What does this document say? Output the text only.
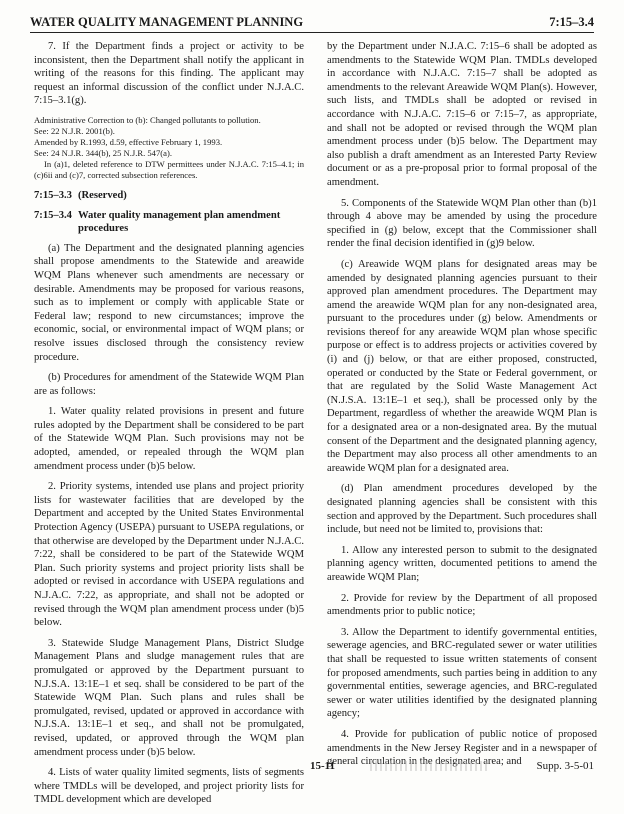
WATER QUALITY MANAGEMENT PLANNING	7:15–3.4

7. If the Department finds a project or activity to be inconsistent, then the Department shall notify the applicant in writing of the reasons for this finding. The applicant may request an informal discussion of the conflict under N.J.A.C. 7:15–3.1(g).

Administrative Correction to (b): Changed pollutants to pollution.
See: 22 N.J.R. 2001(b).
Amended by R.1993, d.59, effective February 1, 1993.
See: 24 N.J.R. 344(b), 25 N.J.R. 547(a).
In (a)1, deleted reference to DTW permittees under N.J.A.C. 7:15–4.1; in (c)6ii and (c)7, corrected subsection references.
7:15–3.3 (Reserved)
7:15–3.4 Water quality management plan amendment procedures

(a) The Department and the designated planning agencies shall propose amendments to the Statewide and areawide WQM Plans whenever such amendments are necessary or desirable. Amendments may be proposed for various reasons, such as to implement or comply with applicable State or Federal law; respond to new circumstances; improve the economic, social, or environmental impact of WQM plans; or resolve issues disclosed through the consistency review procedure.

(b) Procedures for amendment of the Statewide WQM Plan are as follows:

1. Water quality related provisions in present and future rules adopted by the Department shall be considered to be part of the Statewide WQM Plan. Such provisions may not be adopted, amended, or repealed through the WQM plan amendment process under (b)5 below.

2. Priority systems, intended use plans and project priority lists for wastewater facilities that are developed by the Department and accepted by the United States Environmental Protection Agency (USEPA) pursuant to USEPA regulations, or that otherwise are developed by the Department under N.J.A.C. 7:22, shall be considered to be part of the Statewide WQM Plan. Such priority systems and project priority lists shall be adopted or revised in accordance with USEPA regulations and N.J.A.C. 7:22, as appropriate, and shall not be adopted or revised through the WQM plan amendment process under (b)5 below.

3. Statewide Sludge Management Plans, District Sludge Management Plans and sludge management rules that are promulgated or approved by the Department pursuant to N.J.S.A. 13:1E–1 et seq. shall be considered to be part of the Statewide WQM Plan. Such plans and rules shall be promulgated, revised, updated or approved in accordance with N.J.S.A. 13:1E–1 et seq., and shall not be promulgated, revised, updated, or approved through the WQM plan amendment process under (b)5 below.

4. Lists of water quality limited segments, lists of segments where TMDLs will be developed, and project priority lists for TMDL development which are developed

by the Department under N.J.A.C. 7:15–6 shall be adopted as amendments to the Statewide WQM Plan. TMDLs developed in accordance with N.J.A.C. 7:15–7 shall be adopted as amendments to the relevant Areawide WQM Plan(s). However, such lists, and TMDLs shall be adopted or revised in accordance with N.J.A.C. 7:15–6 or 7:15–7, as appropriate, and shall not be adopted or revised through the WQM plan amendment process under (b)5 below. The Department may also publish a draft amendment as an Interested Party Review document or as a pre-proposal prior to formal proposal of the amendment.

5. Components of the Statewide WQM Plan other than (b)1 through 4 above may be amended by using the procedure specified in (g) below, except that the Commissioner shall render the final decision identified in (g)9 below.

(c) Areawide WQM plans for designated areas may be amended by designated planning agencies pursuant to their approved plan amendment procedures. The Department may amend the areawide WQM plan for any non-designated area, pursuant to the procedures under (g) below. Amendments or revisions thereof for any areawide WQM plan whose specific purpose or effect is to address projects or activities covered by (i) and (j) below, or that are either proposed, constructed, operated or conducted by the State or Federal government, or that are regulated by the Solid Waste Management Act (N.J.S.A. 13:1E–1 et seq.), shall be processed only by the Department, regardless of whether the areawide WQM Plan is for a designated area or a non-designated area. By the mutual consent of the Department and the designated planning agency, the Department may also process all other amendments to an areawide WQM plan for a designated area.

(d) Plan amendment procedures developed by the designated planning agencies shall be consistent with this section and approved by the Department. Such procedures shall include, but need not be limited to, provisions that:

1. Allow any interested person to submit to the designated planning agency written, documented petitions to amend the areawide WQM Plan;

2. Provide for review by the Department of all proposed amendments prior to public notice;

3. Allow the Department to identify governmental entities, sewerage agencies, and BRC-regulated sewer or water utilities that shall be requested to issue written statements of consent for proposed amendments, such parties being in addition to any governmental entities, sewerage agencies, and BRC-regulated sewer or water utilities identified by the designated planning agency;

4. Provide for publication of public notice of proposed amendments in the New Jersey Register and in a newspaper of general circulation in the designated area; and

15-11	Supp. 3-5-01
